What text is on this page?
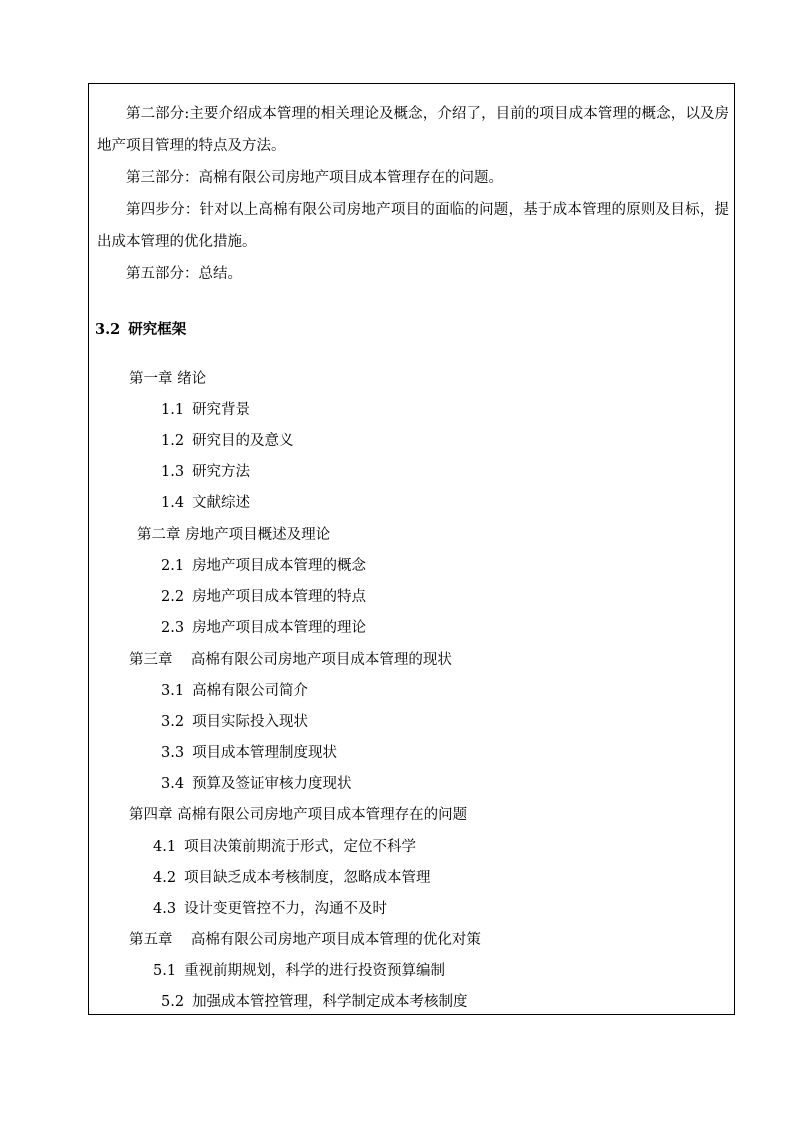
第二部分:主要介绍成本管理的相关理论及概念，介绍了，目前的项目成本管理的概念，以及房地产项目管理的特点及方法。
第三部分：高棉有限公司房地产项目成本管理存在的问题。
第四步分：针对以上高棉有限公司房地产项目的面临的问题，基于成本管理的原则及目标，提出成本管理的优化措施。
第五部分：总结。
3.2 研究框架
第一章 绪论
1.1 研究背景
1.2 研究目的及意义
1.3 研究方法
1.4 文献综述
第二章 房地产项目概述及理论
2.1 房地产项目成本管理的概念
2.2 房地产项目成本管理的特点
2.3 房地产项目成本管理的理论
第三章    高棉有限公司房地产项目成本管理的现状
3.1 高棉有限公司简介
3.2 项目实际投入现状
3.3 项目成本管理制度现状
3.4 预算及签证审核力度现状
第四章 高棉有限公司房地产项目成本管理存在的问题
4.1 项目决策前期流于形式，定位不科学
4.2 项目缺乏成本考核制度，忽略成本管理
4.3 设计变更管控不力，沟通不及时
第五章    高棉有限公司房地产项目成本管理的优化对策
5.1 重视前期规划，科学的进行投资预算编制
5.2 加强成本管控管理，科学制定成本考核制度
